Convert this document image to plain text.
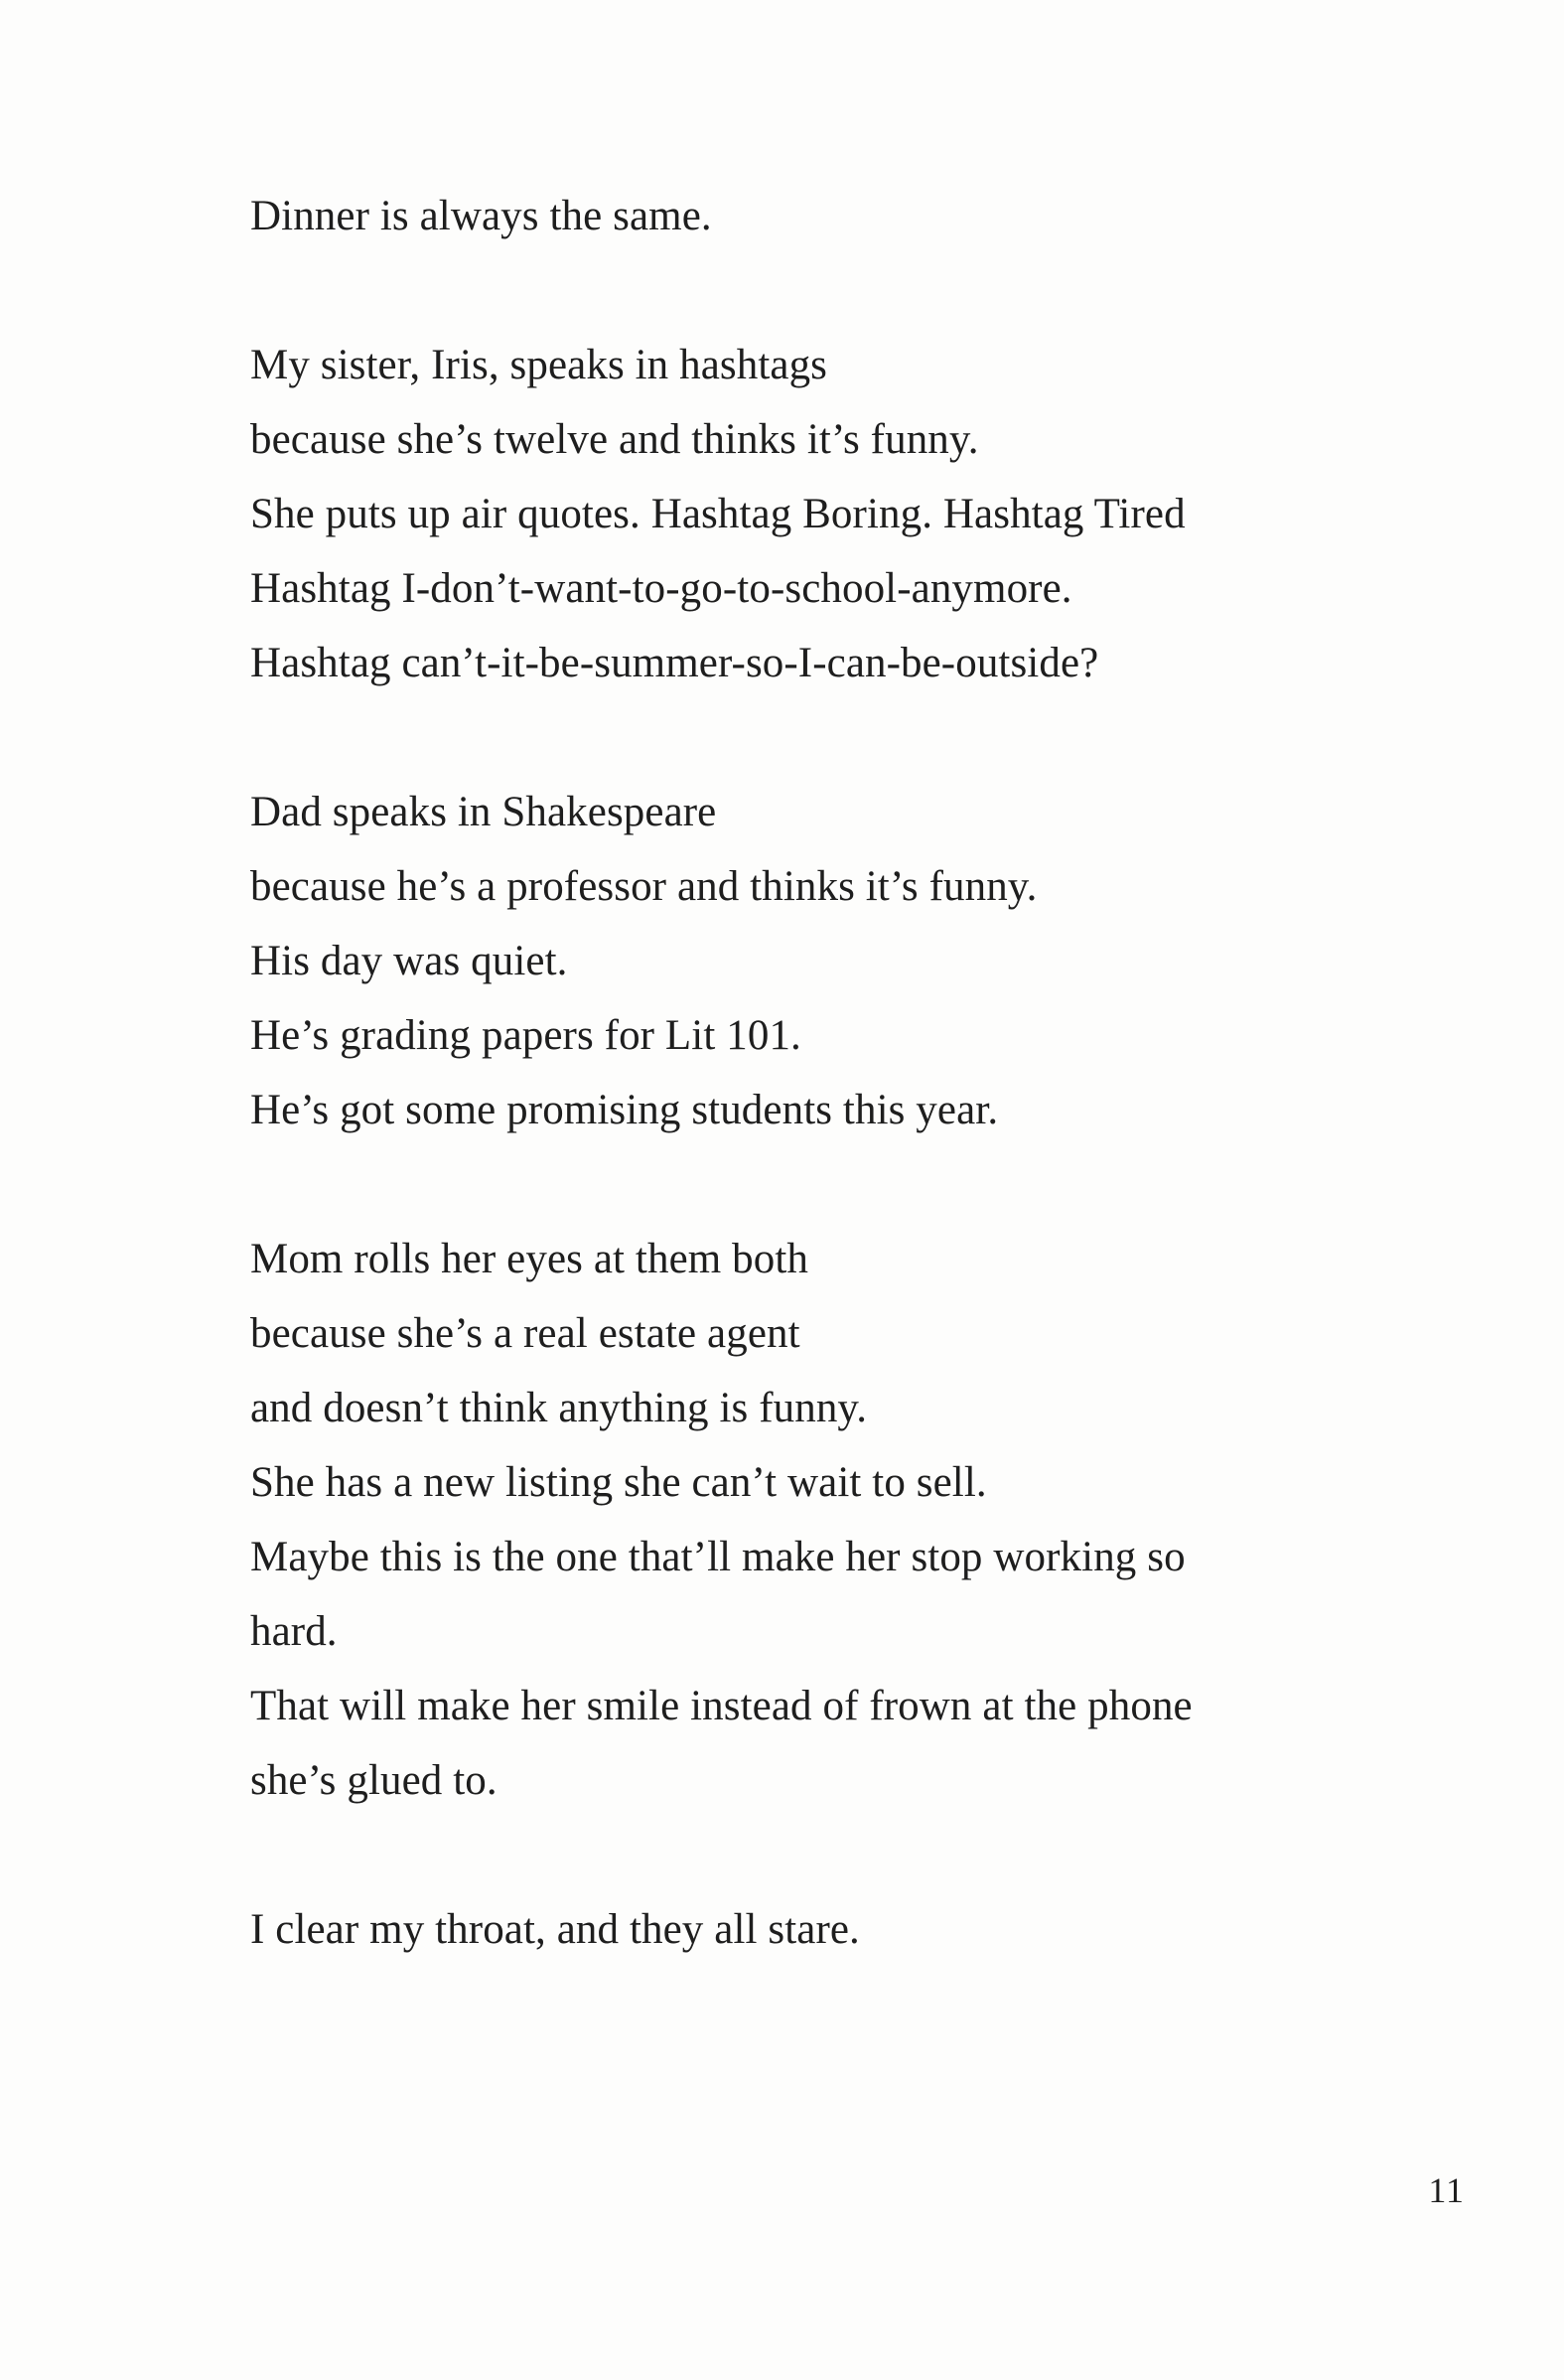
Dinner is always the same.
My sister, Iris, speaks in hashtags
because she’s twelve and thinks it’s funny.
She puts up air quotes. Hashtag Boring. Hashtag Tired
Hashtag I-don’t-want-to-go-to-school-anymore.
Hashtag can’t-it-be-summer-so-I-can-be-outside?
Dad speaks in Shakespeare
because he’s a professor and thinks it’s funny.
His day was quiet.
He’s grading papers for Lit 101.
He’s got some promising students this year.
Mom rolls her eyes at them both
because she’s a real estate agent
and doesn’t think anything is funny.
She has a new listing she can’t wait to sell.
Maybe this is the one that’ll make her stop working so
hard.
That will make her smile instead of frown at the phone
she’s glued to.
I clear my throat, and they all stare.
11
